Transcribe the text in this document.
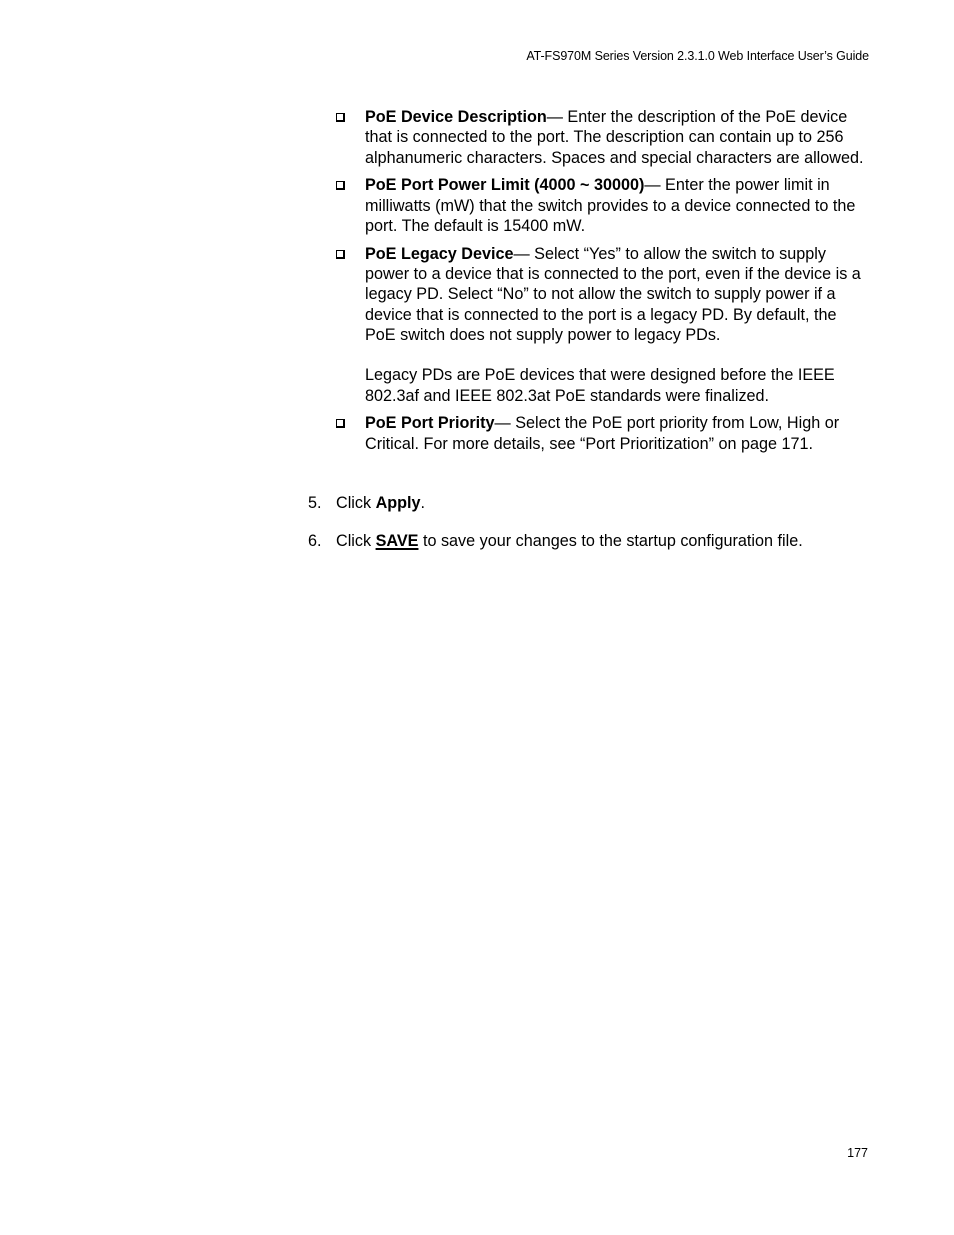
AT-FS970M Series Version 2.3.1.0 Web Interface User’s Guide
PoE Device Description— Enter the description of the PoE device that is connected to the port. The description can contain up to 256 alphanumeric characters. Spaces and special characters are allowed.
PoE Port Power Limit (4000 ~ 30000)— Enter the power limit in milliwatts (mW) that the switch provides to a device connected to the port. The default is 15400 mW.
PoE Legacy Device— Select “Yes” to allow the switch to supply power to a device that is connected to the port, even if the device is a legacy PD. Select “No” to not allow the switch to supply power if a device that is connected to the port is a legacy PD. By default, the PoE switch does not supply power to legacy PDs.
Legacy PDs are PoE devices that were designed before the IEEE 802.3af and IEEE 802.3at PoE standards were finalized.
PoE Port Priority— Select the PoE port priority from Low, High or Critical. For more details, see “Port Prioritization” on page 171.
5. Click Apply.
6. Click SAVE to save your changes to the startup configuration file.
177
